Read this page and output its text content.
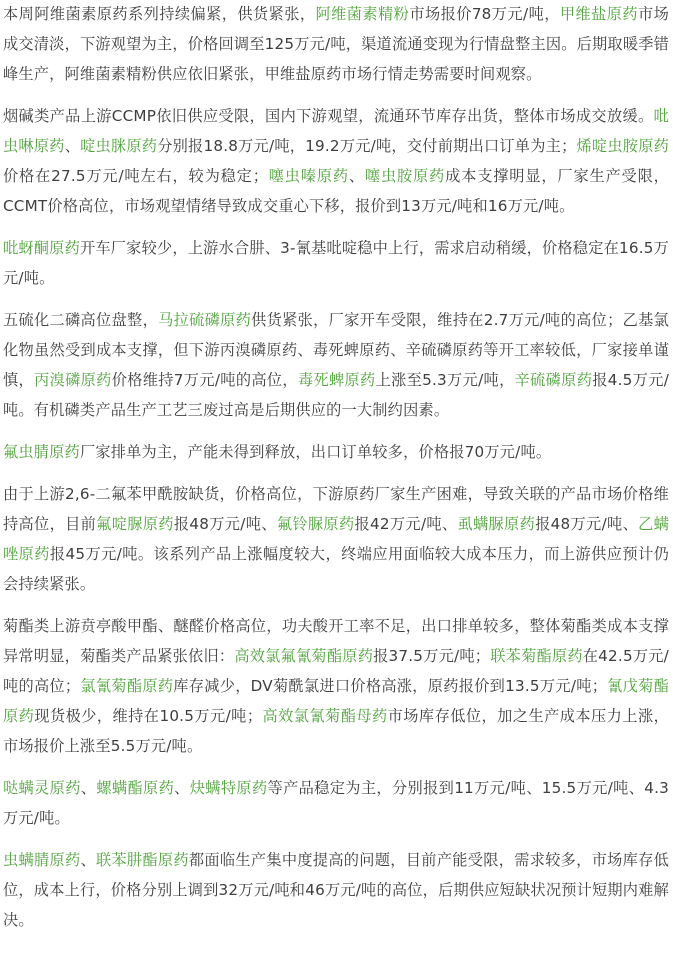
本周阿维菌素原药系列持续偏紧，供货紧张，阿维菌素精粉市场报价78万元/吨，甲维盐原药市场成交清淡，下游观望为主，价格回调至125万元/吨，渠道流通变现为行情盘整主因。后期取暖季错峰生产，阿维菌素精粉供应依旧紧张，甲维盐原药市场行情走势需要时间观察。

烟碱类产品上游CCMP依旧供应受限，国内下游观望，流通环节库存出货，整体市场成交放缓。吡虫啉原药、啶虫脒原药分别报18.8万元/吨，19.2万元/吨，交付前期出口订单为主；烯啶虫胺原药价格在27.5万元/吨左右，较为稳定；噻虫嗪原药、噻虫胺原药成本支撑明显，厂家生产受限，CCMT价格高位，市场观望情绪导致成交重心下移，报价到13万元/吨和16万元/吨。

吡蚜酮原药开车厂家较少，上游水合肼、3-氰基吡啶稳中上行，需求启动稍缓，价格稳定在16.5万元/吨。

五硫化二磷高位盘整，马拉硫磷原药供货紧张，厂家开车受限，维持在2.7万元/吨的高位；乙基氯化物虽然受到成本支撑，但下游丙溴磷原药、毒死蜱原药、辛硫磷原药等开工率较低，厂家接单谨慎，丙溴磷原药价格维持7万元/吨的高位，毒死蜱原药上涨至5.3万元/吨，辛硫磷原药报4.5万元/吨。有机磷类产品生产工艺三废过高是后期供应的一大制约因素。

氟虫腈原药厂家排单为主，产能未得到释放，出口订单较多，价格报70万元/吨。

由于上游2,6-二氟苯甲酰胺缺货，价格高位，下游原药厂家生产困难，导致关联的产品市场价格维持高位，目前氟啶脲原药报48万元/吨、氟铃脲原药报42万元/吨、虱螨脲原药报48万元/吨、乙螨唑原药报45万元/吨。该系列产品上涨幅度较大，终端应用面临较大成本压力，而上游供应预计仍会持续紧张。

菊酯类上游贲亭酸甲酯、醚醛价格高位，功夫酸开工率不足，出口排单较多，整体菊酯类成本支撑异常明显，菊酯类产品紧张依旧：高效氯氟氰菊酯原药报37.5万元/吨；联苯菊酯原药在42.5万元/吨的高位；氯氰菊酯原药库存减少，DV菊酰氯进口价格高涨，原药报价到13.5万元/吨；氰戊菊酯原药现货极少，维持在10.5万元/吨；高效氯氰菊酯母药市场库存低位，加之生产成本压力上涨，市场报价上涨至5.5万元/吨。

哒螨灵原药、螺螨酯原药、炔螨特原药等产品稳定为主，分别报到11万元/吨、15.5万元/吨、4.3万元/吨。

虫螨腈原药、联苯肼酯原药都面临生产集中度提高的问题，目前产能受限，需求较多，市场库存低位，成本上行，价格分别上调到32万元/吨和46万元/吨的高位，后期供应短缺状况预计短期内难解决。
